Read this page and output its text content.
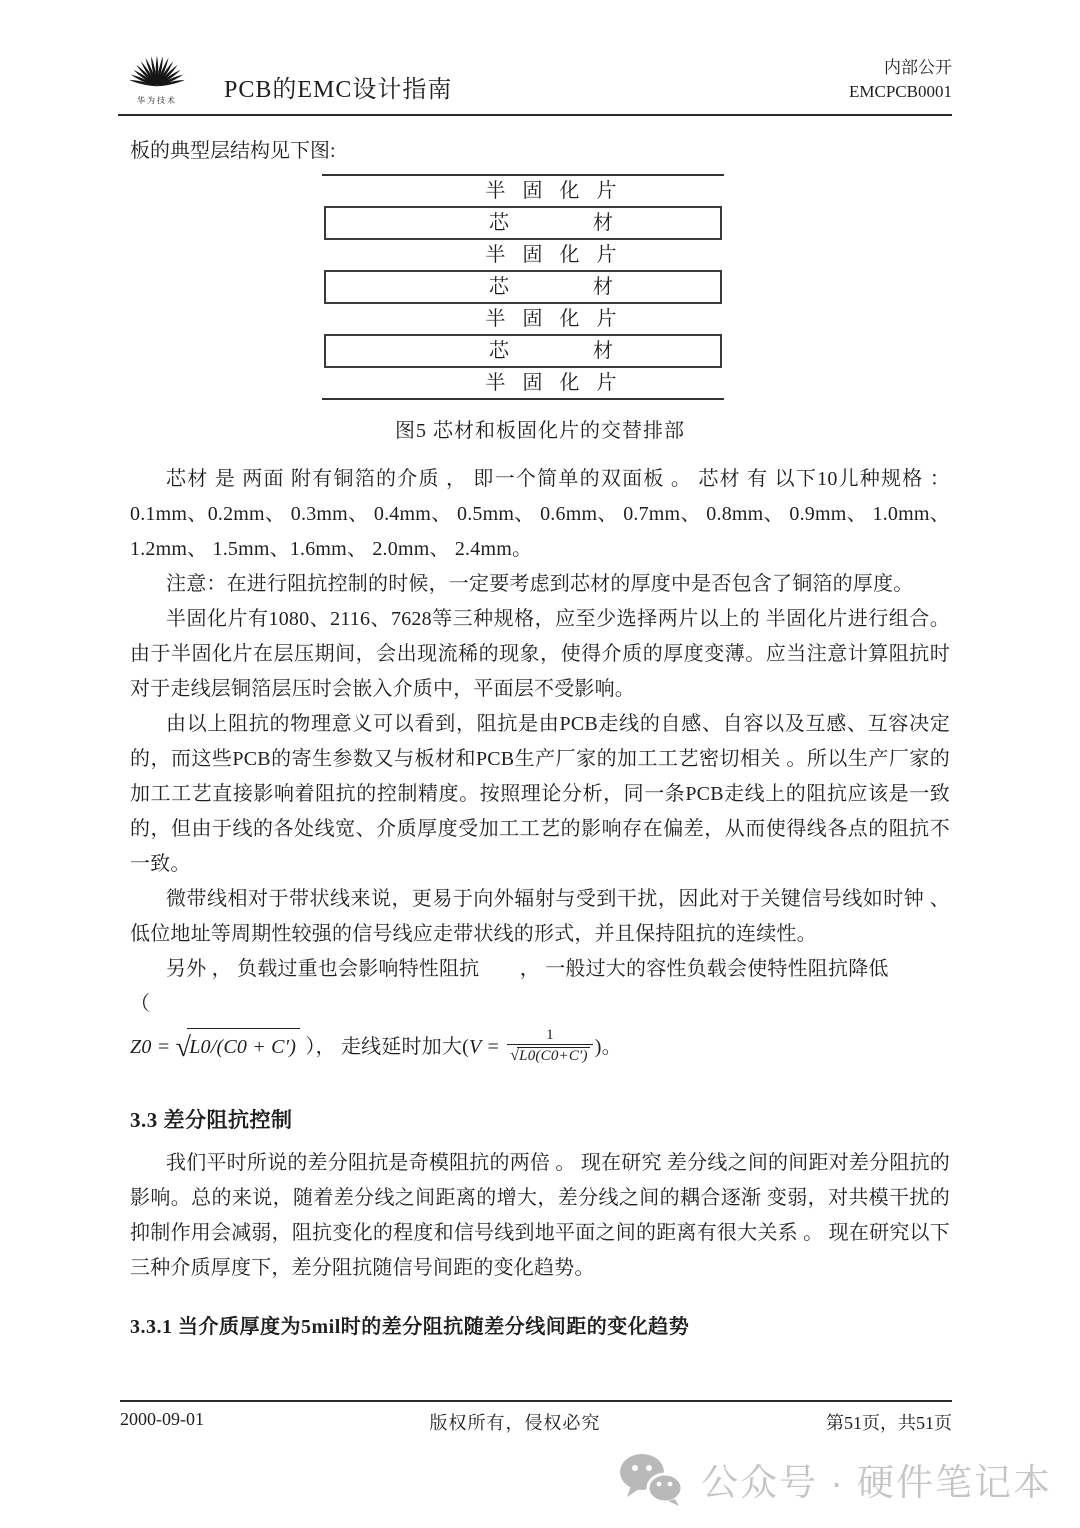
华为技术 PCB的EMC设计指南
内部公开
EMCPCB0001

板的典型层结构见下图:

半 固 化 片
芯　　　材
半 固 化 片
芯　　　材
半 固 化 片
芯　　　材
半 固 化 片
图5 芯材和板固化片的交替排部

芯材 是 两面 附有铜箔的介质 ， 即一个简单的双面板 。 芯材 有 以下10儿种规格 ： 0.1mm、0.2mm、 0.3mm、 0.4mm、 0.5mm、 0.6mm、 0.7mm、 0.8mm、 0.9mm、 1.0mm、 1.2mm、 1.5mm、1.6mm、 2.0mm、 2.4mm。

注意：在进行阻抗控制的时候，一定要考虑到芯材的厚度中是否包含了铜箔的厚度。

半固化片有1080、2116、7628等三种规格，应至少选择两片以上的 半固化片进行组合。由于半固化片在层压期间，会出现流稀的现象，使得介质的厚度变薄。应当注意计算阻抗时对于走线层铜箔层压时会嵌入介质中，平面层不受影响。

由以上阻抗的物理意义可以看到，阻抗是由PCB走线的自感、自容以及互感、互容决定的，而这些PCB的寄生参数又与板材和PCB生产厂家的加工工艺密切相关 。所以生产厂家的加工工艺直接影响着阻抗的控制精度。按照理论分析，同一条PCB走线上的阻抗应该是一致的，但由于线的各处线宽、介质厚度受加工工艺的影响存在偏差，从而使得线各点的阻抗不一致。

微带线相对于带状线来说，更易于向外辐射与受到干扰，因此对于关键信号线如时钟 、低位地址等周期性较强的信号线应走带状线的形式，并且保持阻抗的连续性。

另外 ， 负载过重也会影响特性阻抗　　， 一般过大的容性负载会使特性阻抗降低　　　　　　（
Z0 = √L0/(C0 + C′) ）， 走线延时加大($V = \frac{1}{√L0(C0+C')}$ )。

3.3 差分阻抗控制

我们平时所说的差分阻抗是奇模阻抗的两倍 。 现在研究 差分线之间的间距对差分阻抗的影响。总的来说，随着差分线之间距离的增大，差分线之间的耦合逐渐 变弱，对共模干扰的抑制作用会减弱，阻抗变化的程度和信号线到地平面之间的距离有很大关系 。 现在研究以下三种介质厚度下，差分阻抗随信号间距的变化趋势。

3.3.1 当介质厚度为5mil时的差分阻抗随差分线间距的变化趋势
2000-09-01	版权所有，侵权必究	第51页，共51页
公众号 · 硬件笔记本
